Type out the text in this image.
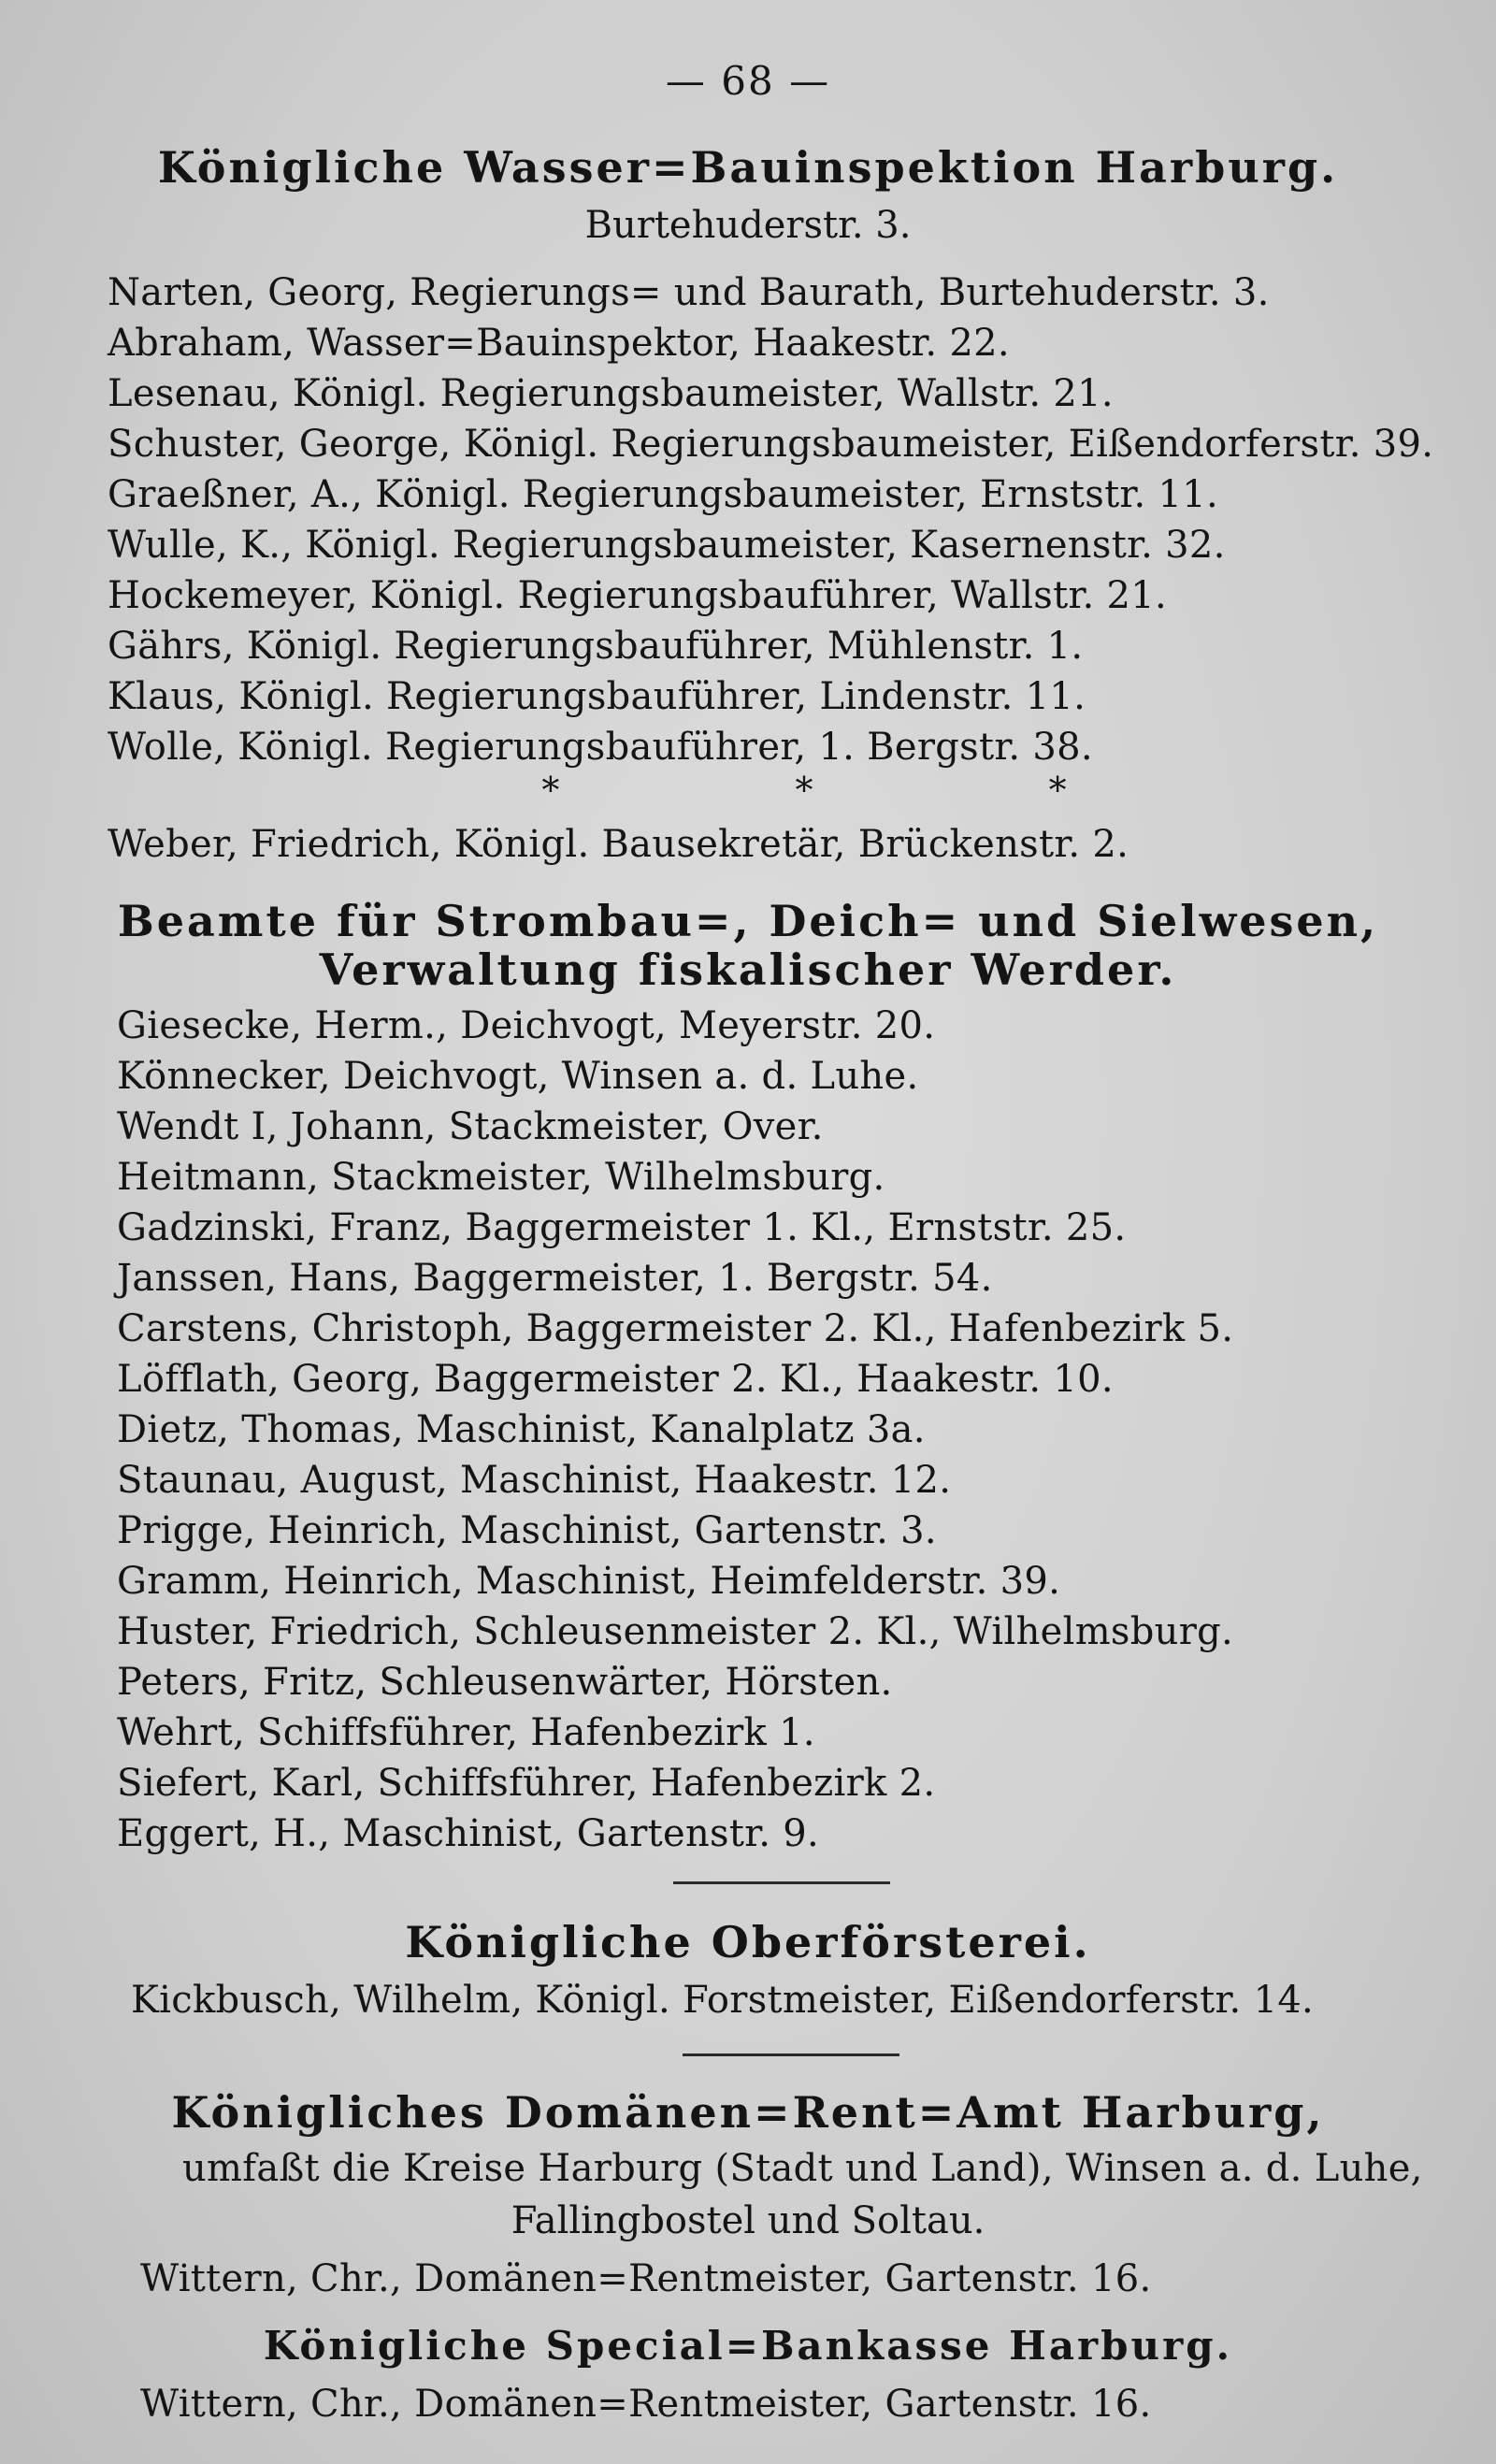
— 68 —
Königliche Wasser=Bauinspektion Harburg.
Burtehuderstr. 3.
Narten, Georg, Regierungs= und Baurath, Burtehuderstr. 3.
Abraham, Wasser=Bauinspektor, Haakestr. 22.
Lesenau, Königl. Regierungsbaumeister, Wallstr. 21.
Schuster, George, Königl. Regierungsbaumeister, Eißendorferstr. 39.
Graeßner, A., Königl. Regierungsbaumeister, Ernststr. 11.
Wulle, K., Königl. Regierungsbaumeister, Kasernenstr. 32.
Hockemeyer, Königl. Regierungsbauführer, Wallstr. 21.
Gährs, Königl. Regierungsbauführer, Mühlenstr. 1.
Klaus, Königl. Regierungsbauführer, Lindenstr. 11.
Wolle, Königl. Regierungsbauführer, 1. Bergstr. 38.
* * *
Weber, Friedrich, Königl. Bausekretär, Brückenstr. 2.
Beamte für Strombau=, Deich= und Sielwesen,
Verwaltung fiskalischer Werder.
Giesecke, Herm., Deichvogt, Meyerstr. 20.
Könnecker, Deichvogt, Winsen a. d. Luhe.
Wendt I, Johann, Stackmeister, Over.
Heitmann, Stackmeister, Wilhelmsburg.
Gadzinski, Franz, Baggermeister 1. Kl., Ernststr. 25.
Janssen, Hans, Baggermeister, 1. Bergstr. 54.
Carstens, Christoph, Baggermeister 2. Kl., Hafenbezirk 5.
Löfflath, Georg, Baggermeister 2. Kl., Haakestr. 10.
Dietz, Thomas, Maschinist, Kanalplatz 3a.
Staunau, August, Maschinist, Haakestr. 12.
Prigge, Heinrich, Maschinist, Gartenstr. 3.
Gramm, Heinrich, Maschinist, Heimfelderstr. 39.
Huster, Friedrich, Schleusenmeister 2. Kl., Wilhelmsburg.
Peters, Fritz, Schleusenwärter, Hörsten.
Wehrt, Schiffsführer, Hafenbezirk 1.
Siefert, Karl, Schiffsführer, Hafenbezirk 2.
Eggert, H., Maschinist, Gartenstr. 9.
Königliche Oberförsterei.
Kickbusch, Wilhelm, Königl. Forstmeister, Eißendorferstr. 14.
Königliches Domänen=Rent=Amt Harburg,
umfaßt die Kreise Harburg (Stadt und Land), Winsen a. d. Luhe,
Fallingbostel und Soltau.
Wittern, Chr., Domänen=Rentmeister, Gartenstr. 16.
Königliche Special=Bankasse Harburg.
Wittern, Chr., Domänen=Rentmeister, Gartenstr. 16.
